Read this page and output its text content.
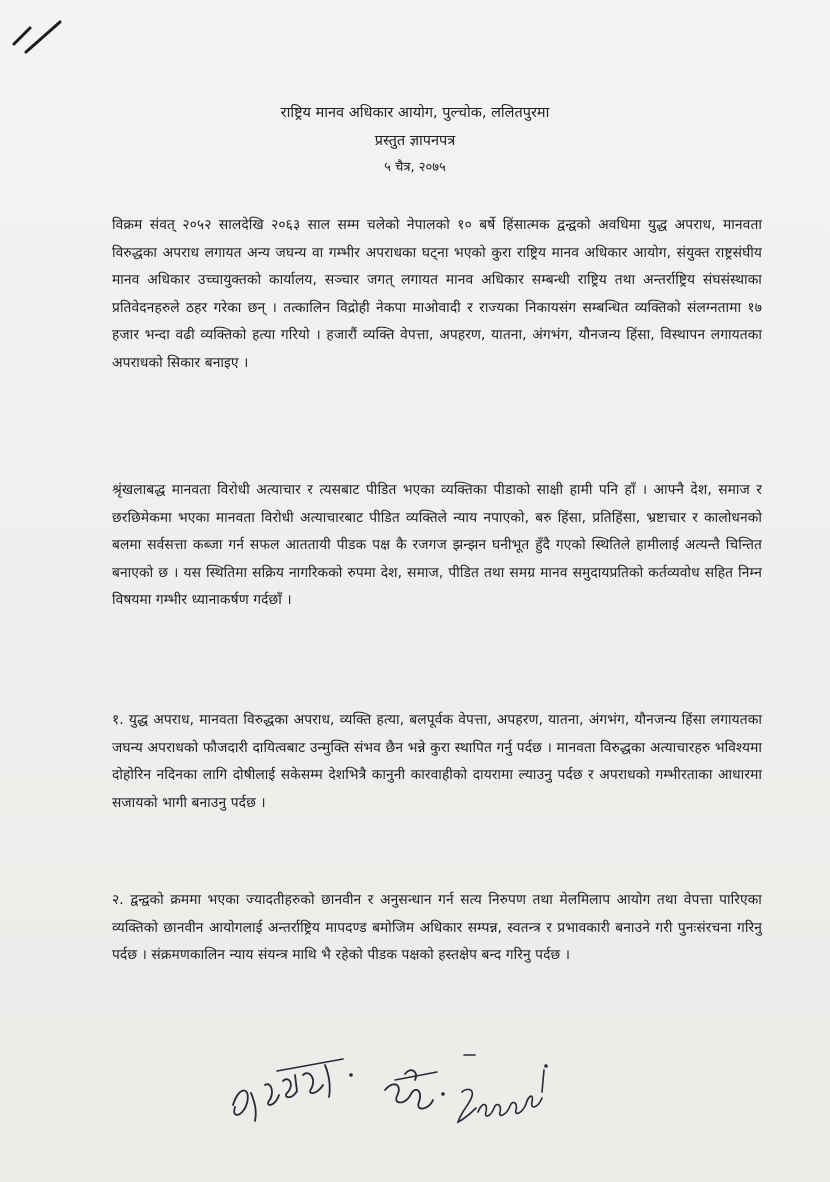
राष्ट्रिय मानव अधिकार आयोग, पुल्चोक, ललितपुरमा
प्रस्तुत ज्ञापनपत्र
५ चैत्र, २०७५

विक्रम संवत् २०५२ सालदेखि २०६३ साल सम्म चलेको नेपालको १० बर्षे हिंसात्मक द्वन्द्वको अवधिमा युद्ध अपराध, मानवता विरुद्धका अपराध लगायत अन्य जघन्य वा गम्भीर अपराधका घट्ना भएको कुरा राष्ट्रिय मानव अधिकार आयोग, संयुक्त राष्ट्रसंघीय मानव अधिकार उच्चायुक्तको कार्यालय, सञ्चार जगत् लगायत मानव अधिकार सम्बन्धी राष्ट्रिय तथा अन्तर्राष्ट्रिय संघसंस्थाका प्रतिवेदनहरुले ठहर गरेका छन् । तत्कालिन विद्रोही नेकपा माओवादी र राज्यका निकायसंग सम्बन्धित व्यक्तिको संलग्नतामा १७ हजार भन्दा वढी व्यक्तिको हत्या गरियो । हजारौं व्यक्ति वेपत्ता, अपहरण, यातना, अंगभंग, यौनजन्य हिंसा, विस्थापन लगायतका अपराधको सिकार बनाइए ।

श्रृंखलाबद्ध मानवता विरोधी अत्याचार र त्यसबाट पीडित भएका व्यक्तिका पीडाको साक्षी हामी पनि हाँ । आफ्नै देश, समाज र छरछिमेकमा भएका मानवता विरोधी अत्याचारबाट पीडित व्यक्तिले न्याय नपाएको, बरु हिंसा, प्रतिहिंसा, भ्रष्टाचार र कालोधनको बलमा सर्वसत्ता कब्जा गर्न सफल आततायी पीडक पक्ष कै रजगज झन्झन घनीभूत हुँदै गएको स्थितिले हामीलाई अत्यन्तै चिन्तित बनाएको छ । यस स्थितिमा सक्रिय नागरिकको रुपमा देश, समाज, पीडित तथा समग्र मानव समुदायप्रतिको कर्तव्यवोध सहित निम्न विषयमा गम्भीर ध्यानाकर्षण गर्दछाँ ।

१. युद्ध अपराध, मानवता विरुद्धका अपराध, व्यक्ति हत्या, बलपूर्वक वेपत्ता, अपहरण, यातना, अंगभंग, यौनजन्य हिंसा लगायतका जघन्य अपराधको फौजदारी दायित्वबाट उन्मुक्ति संभव छैन भन्ने कुरा स्थापित गर्नु पर्दछ । मानवता विरुद्धका अत्याचारहरु भविश्यमा दोहोरिन नदिनका लागि दोषीलाई सकेसम्म देशभित्रै कानुनी कारवाहीको दायरामा ल्याउनु पर्दछ र अपराधको गम्भीरताका आधारमा सजायको भागी बनाउनु पर्दछ ।

२. द्वन्द्वको क्रममा भएका ज्यादतीहरुको छानवीन र अनुसन्धान गर्न सत्य निरुपण तथा मेलमिलाप आयोग तथा वेपत्ता पारिएका व्यक्तिको छानवीन आयोगलाई अन्तर्राष्ट्रिय मापदण्ड बमोजिम अधिकार सम्पन्न, स्वतन्त्र र प्रभावकारी बनाउने गरी पुनःसंरचना गरिनु पर्दछ । संक्रमणकालिन न्याय संयन्त्र माथि भै रहेको पीडक पक्षको हस्तक्षेप बन्द गरिनु पर्दछ ।
